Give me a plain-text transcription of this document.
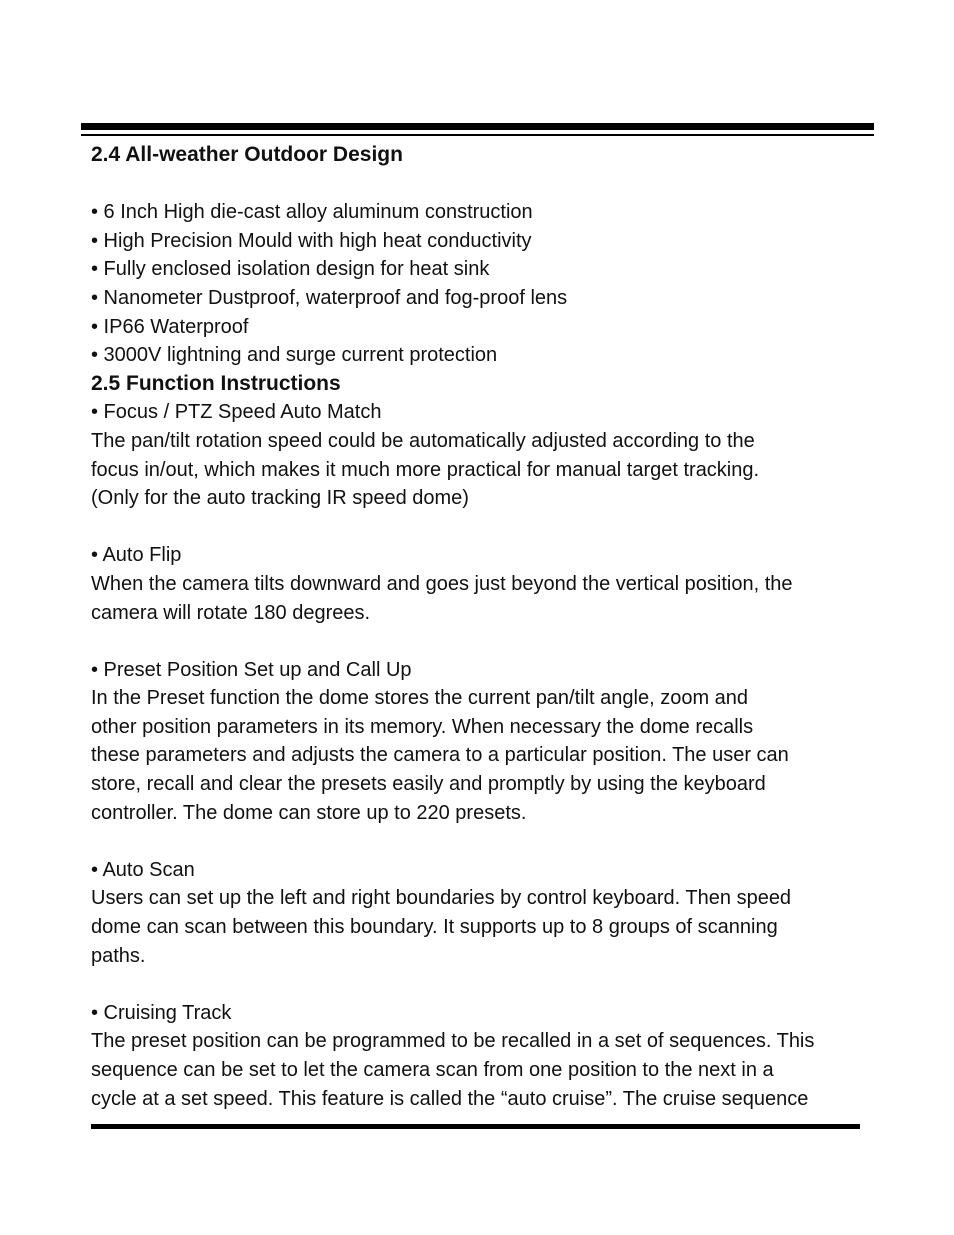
2.4 All-weather Outdoor Design
• 6 Inch High die-cast alloy aluminum construction
• High Precision Mould with high heat conductivity
• Fully enclosed isolation design for heat sink
• Nanometer Dustproof, waterproof and fog-proof lens
• IP66 Waterproof
• 3000V lightning and surge current protection
2.5 Function Instructions
• Focus / PTZ Speed Auto Match
The pan/tilt rotation speed could be automatically adjusted according to the
focus in/out, which makes it much more practical for manual target tracking.
(Only for the auto tracking IR speed dome)
• Auto Flip
When the camera tilts downward and goes just beyond the vertical position, the
camera will rotate 180 degrees.
• Preset Position Set up and Call Up
In the Preset function the dome stores the current pan/tilt angle, zoom and
other position parameters in its memory. When necessary the dome recalls
these parameters and adjusts the camera to a particular position. The user can
store, recall and clear the presets easily and promptly by using the keyboard
controller. The dome can store up to 220 presets.
• Auto Scan
Users can set up the left and right boundaries by control keyboard. Then speed
dome can scan between this boundary. It supports up to 8 groups of scanning
paths.
• Cruising Track
The preset position can be programmed to be recalled in a set of sequences. This
sequence can be set to let the camera scan from one position to the next in a
cycle at a set speed. This feature is called the “auto cruise”. The cruise sequence
